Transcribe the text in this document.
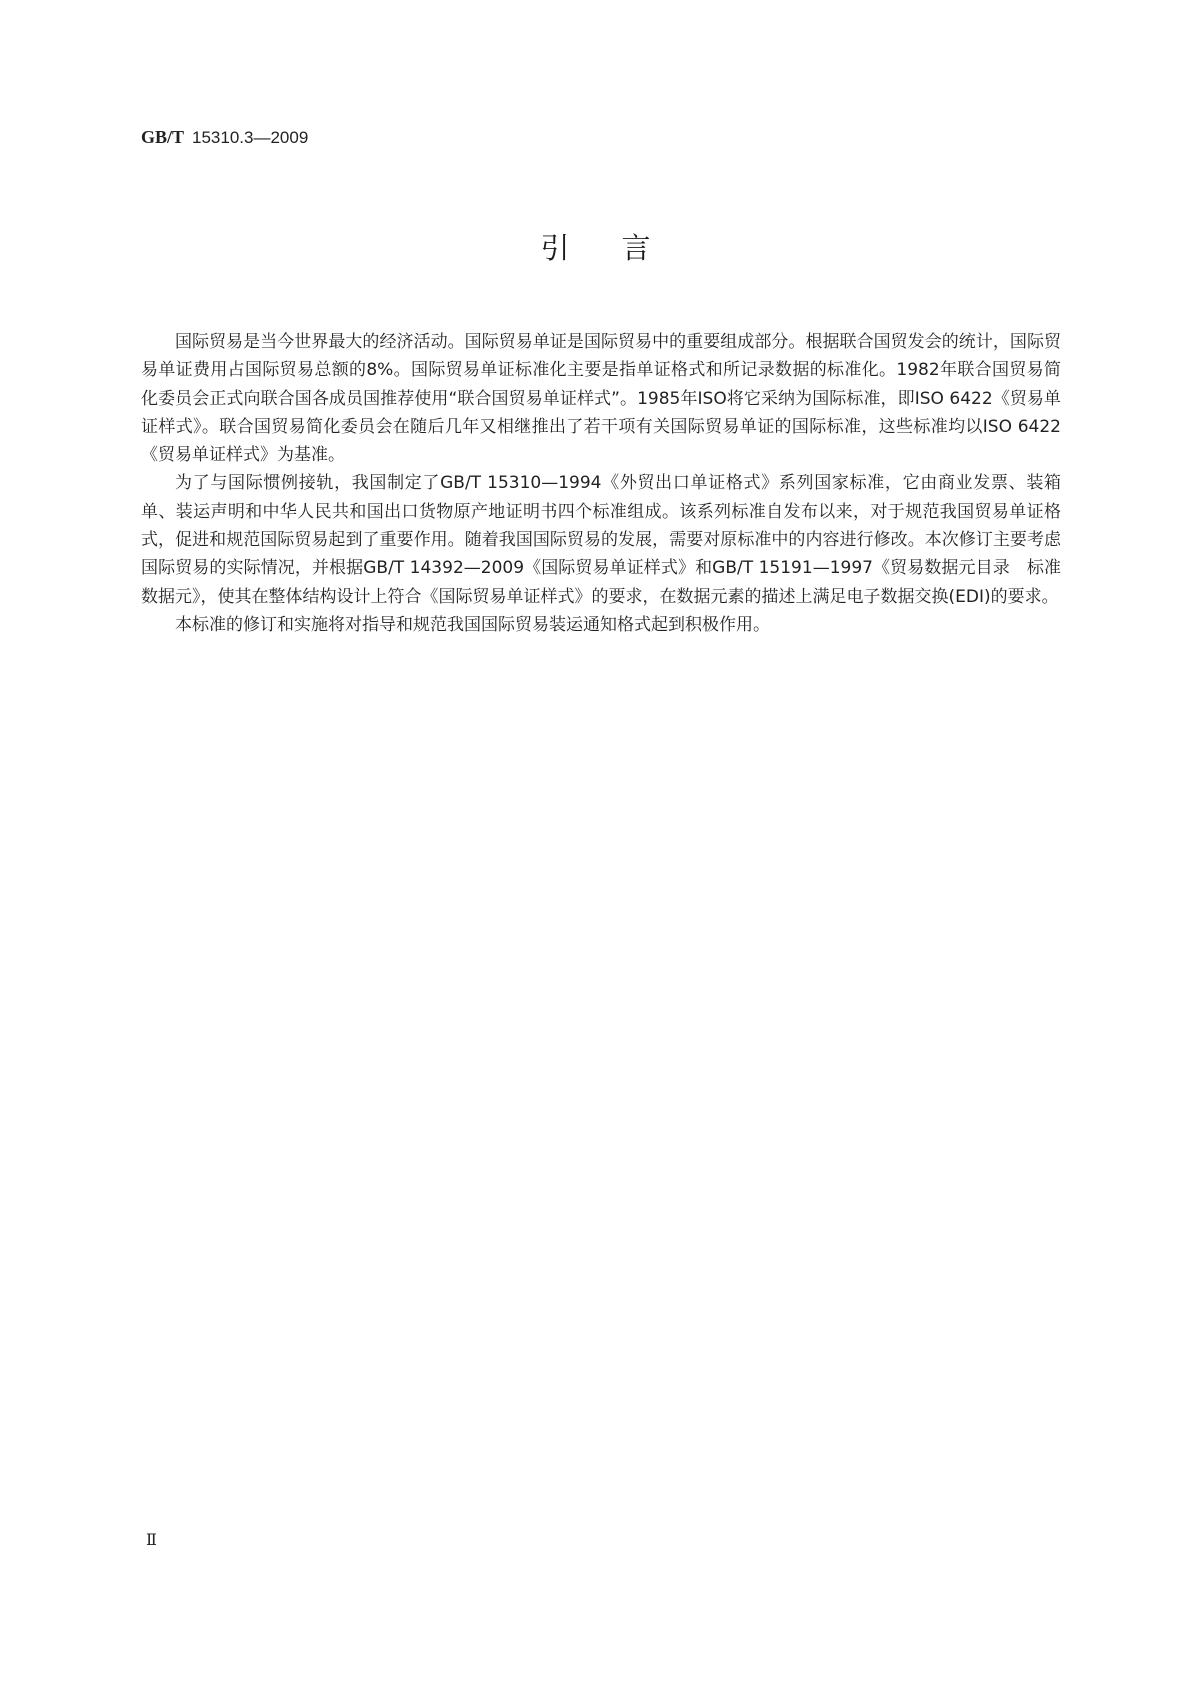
GB/T 15310.3—2009
引言

国际贸易是当今世界最大的经济活动。国际贸易单证是国际贸易中的重要组成部分。根据联合国贸发会的统计，国际贸易单证费用占国际贸易总额的8%。国际贸易单证标准化主要是指单证格式和所记录数据的标准化。1982年联合国贸易简化委员会正式向联合国各成员国推荐使用“联合国贸易单证样式”。1985年ISO将它采纳为国际标准，即ISO 6422《贸易单证样式》。联合国贸易简化委员会在随后几年又相继推出了若干项有关国际贸易单证的国际标准，这些标准均以ISO 6422《贸易单证样式》为基准。

为了与国际惯例接轨，我国制定了GB/T 15310—1994《外贸出口单证格式》系列国家标准，它由商业发票、装箱单、装运声明和中华人民共和国出口货物原产地证明书四个标准组成。该系列标准自发布以来，对于规范我国贸易单证格式，促进和规范国际贸易起到了重要作用。随着我国国际贸易的发展，需要对原标准中的内容进行修改。本次修订主要考虑国际贸易的实际情况，并根据GB/T 14392—2009《国际贸易单证样式》和GB/T 15191—1997《贸易数据元目录　标准数据元》，使其在整体结构设计上符合《国际贸易单证样式》的要求，在数据元素的描述上满足电子数据交换(EDI)的要求。

本标准的修订和实施将对指导和规范我国国际贸易装运通知格式起到积极作用。

Ⅱ
